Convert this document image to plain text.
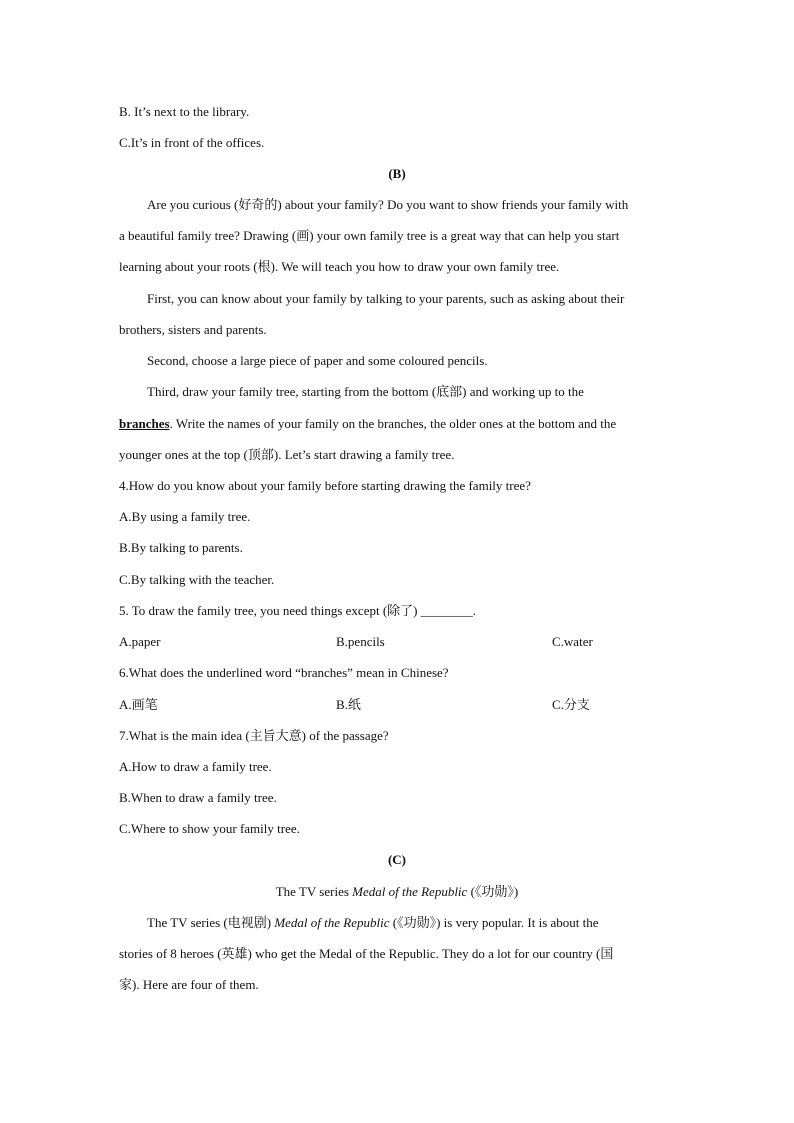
B. It’s next to the library.
C.It’s in front of the offices.
(B)
Are you curious (好奇的) about your family? Do you want to show friends your family with
a beautiful family tree? Drawing (画) your own family tree is a great way that can help you start
learning about your roots (根). We will teach you how to draw your own family tree.
First, you can know about your family by talking to your parents, such as asking about their
brothers, sisters and parents.
Second, choose a large piece of paper and some coloured pencils.
Third, draw your family tree, starting from the bottom (底部) and working up to the
branches. Write the names of your family on the branches, the older ones at the bottom and the
younger ones at the top (顶部). Let’s start drawing a family tree.
4.How do you know about your family before starting drawing the family tree?
A.By using a family tree.
B.By talking to parents.
C.By talking with the teacher.
5. To draw the family tree, you need things except (除了) ________.
A.paper	B.pencils	C.water
6.What does the underlined word “branches” mean in Chinese?
A.画笔	B.纸	C.分支
7.What is the main idea (主旨大意) of the passage?
A.How to draw a family tree.
B.When to draw a family tree.
C.Where to show your family tree.
(C)
The TV series Medal of the Republic (《功勋》)
The TV series (电视剧) Medal of the Republic (《功勋》) is very popular. It is about the
stories of 8 heroes (英雄) who get the Medal of the Republic. They do a lot for our country (国
家). Here are four of them.
